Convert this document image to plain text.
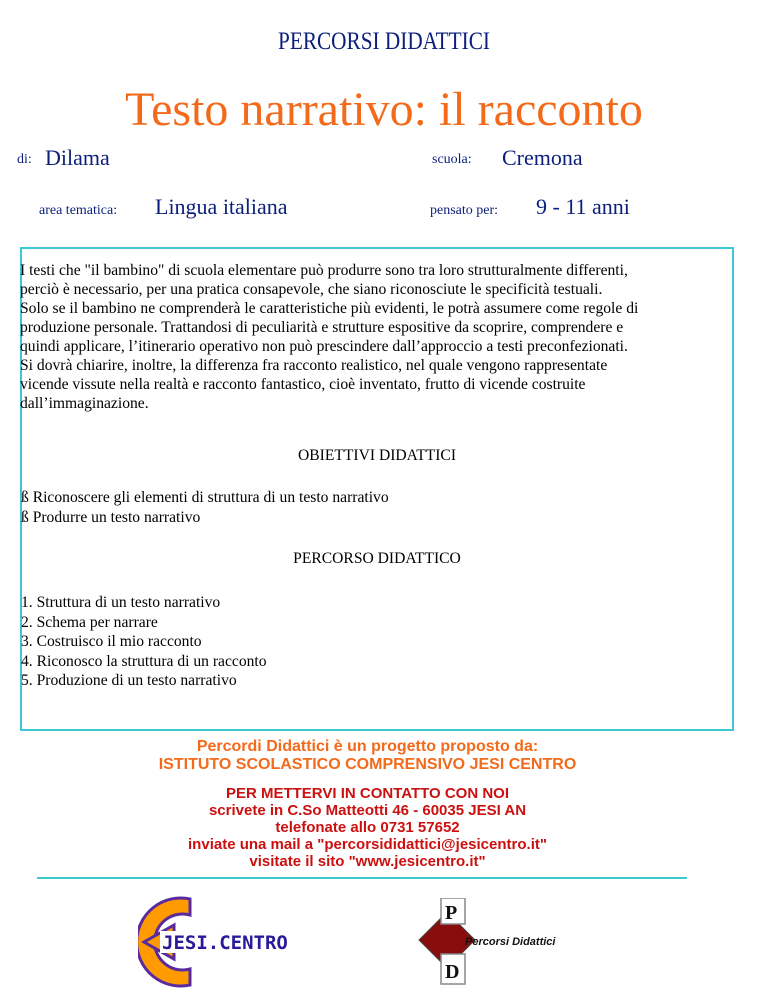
PERCORSI DIDATTICI
Testo narrativo: il racconto
di: Dilama	scuola: Cremona
area tematica: Lingua italiana	pensato per: 9 - 11 anni

I testi che "il bambino" di scuola elementare può produrre sono tra loro strutturalmente differenti,

perciò è necessario, per una pratica consapevole, che siano riconosciute le specificità testuali.

Solo se il bambino ne comprenderà le caratteristiche più evidenti, le potrà assumere come regole di

produzione personale. Trattandosi di peculiarità e strutture espositive da scoprire, comprendere e

quindi applicare, l’itinerario operativo non può prescindere dall’approccio a testi preconfezionati.

Si dovrà chiarire, inoltre, la differenza fra racconto realistico, nel quale vengono rappresentate

vicende vissute nella realtà e racconto fantastico, cioè inventato, frutto di vicende costruite

dall’immaginazione.

OBIETTIVI DIDATTICI
ß Riconoscere gli elementi di struttura di un testo narrativo
ß Produrre un testo narrativo
PERCORSO DIDATTICO
1. Struttura di un testo narrativo
2. Schema per narrare
3. Costruisco il mio racconto
4. Riconosco la struttura di un racconto
5. Produzione di un testo narrativo
Percordi Didattici è un progetto proposto da:
ISTITUTO SCOLASTICO COMPRENSIVO JESI CENTRO
PER METTERVI IN CONTATTO CON NOI
scrivete in C.So Matteotti 46 - 60035 JESI AN
telefonate allo 0731 57652
inviate una mail a "percorsididattici@jesicentro.it"
visitate il sito "www.jesicentro.it"
JESI.CENTRO
P
D
Percorsi Didattici
